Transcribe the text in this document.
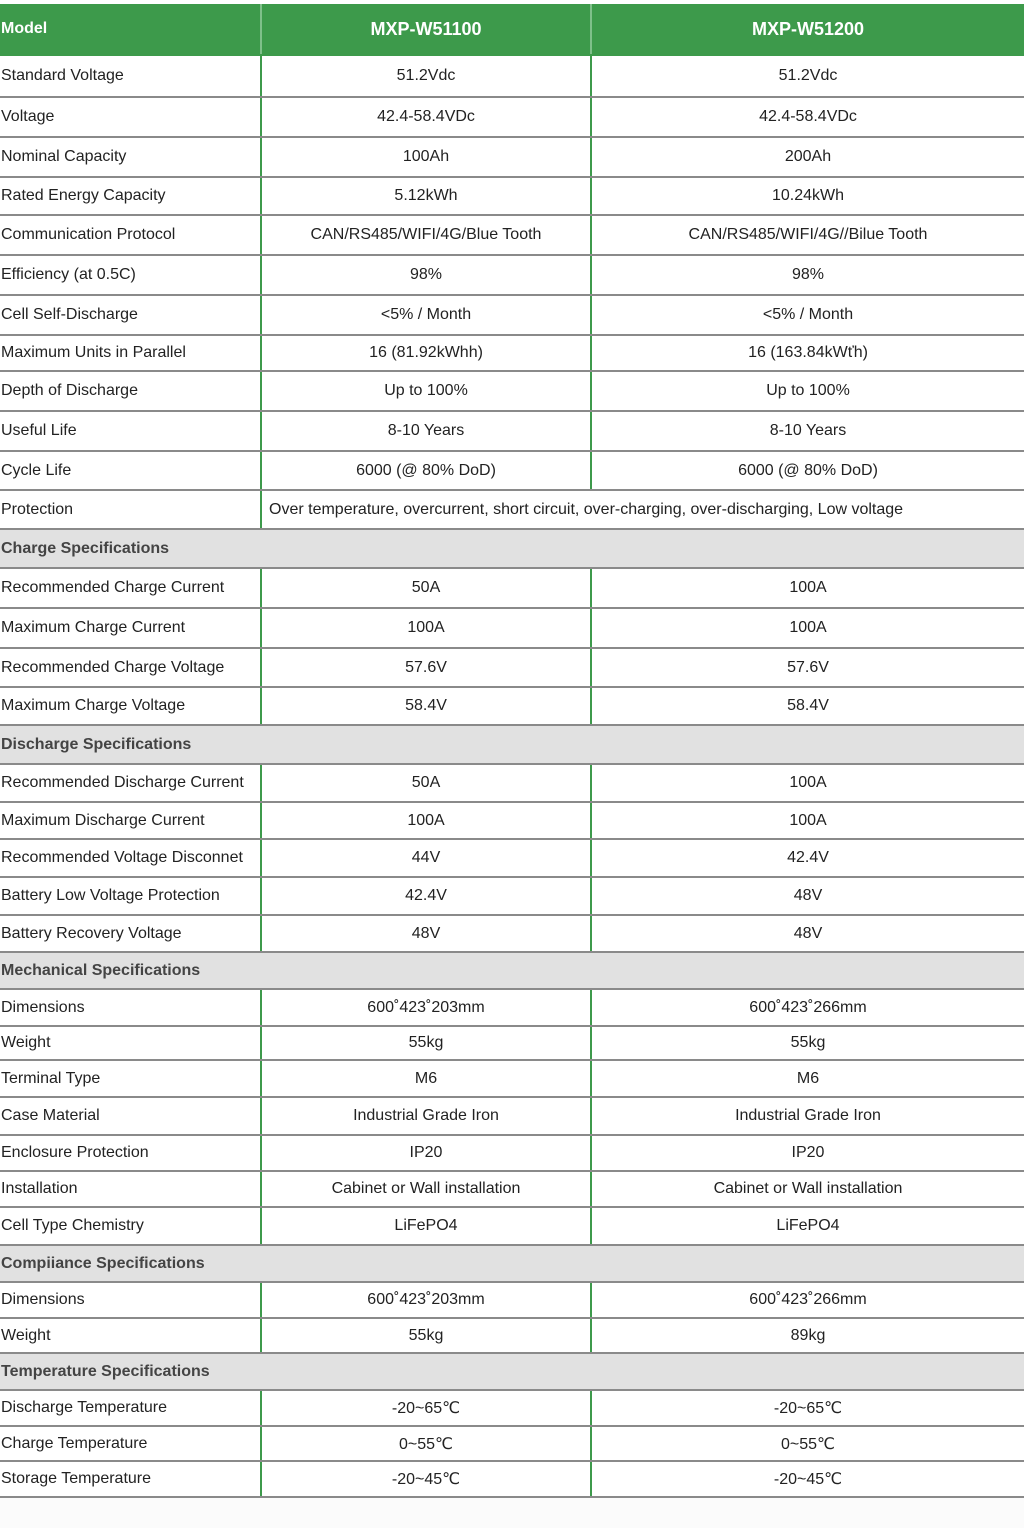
Model	MXP-W51100	MXP-W51200
Standard Voltage	51.2Vdc	51.2Vdc
Voltage	42.4-58.4VDc	42.4-58.4VDc
Nominal Capacity	100Ah	200Ah
Rated Energy Capacity	5.12kWh	10.24kWh
Communication Protocol	CAN/RS485/WIFI/4G/Blue Tooth	CAN/RS485/WIFI/4G//Bilue Tooth
Efficiency (at 0.5C)	98%	98%
Cell Self-Discharge	<5% / Month	<5% / Month
Maximum Units in Parallel	16 (81.92kWhh)	16 (163.84kWťh)
Depth of Discharge	Up to 100%	Up to 100%
Useful Life	8-10 Years	8-10 Years
Cycle Life	6000 (@ 80% DoD)	6000 (@ 80% DoD)
Protection	Over temperature, overcurrent, short circuit, over-charging, over-discharging, Low voltage
Charge Specifications
Recommended Charge Current	50A	100A
Maximum Charge Current	100A	100A
Recommended Charge Voltage	57.6V	57.6V
Maximum Charge Voltage	58.4V	58.4V
Discharge Specifications
Recommended Discharge Current	50A	100A
Maximum Discharge Current	100A	100A
Recommended Voltage Disconnet	44V	42.4V
Battery Low Voltage Protection	42.4V	48V
Battery Recovery Voltage	48V	48V
Mechanical Specifications
Dimensions	600˚423˚203mm	600˚423˚266mm
Weight	55kg	55kg
Terminal Type	M6	M6
Case Material	Industrial Grade Iron	Industrial Grade Iron
Enclosure Protection	IP20	IP20
Installation	Cabinet or Wall installation	Cabinet or Wall installation
Cell Type Chemistry	LiFePO4	LiFePO4
Compiiance Specifications
Dimensions	600˚423˚203mm	600˚423˚266mm
Weight	55kg	89kg
Temperature Specifications
Discharge Temperature	-20~65℃	-20~65℃
Charge Temperature	0~55℃	0~55℃
Storage Temperature	-20~45℃	-20~45℃
